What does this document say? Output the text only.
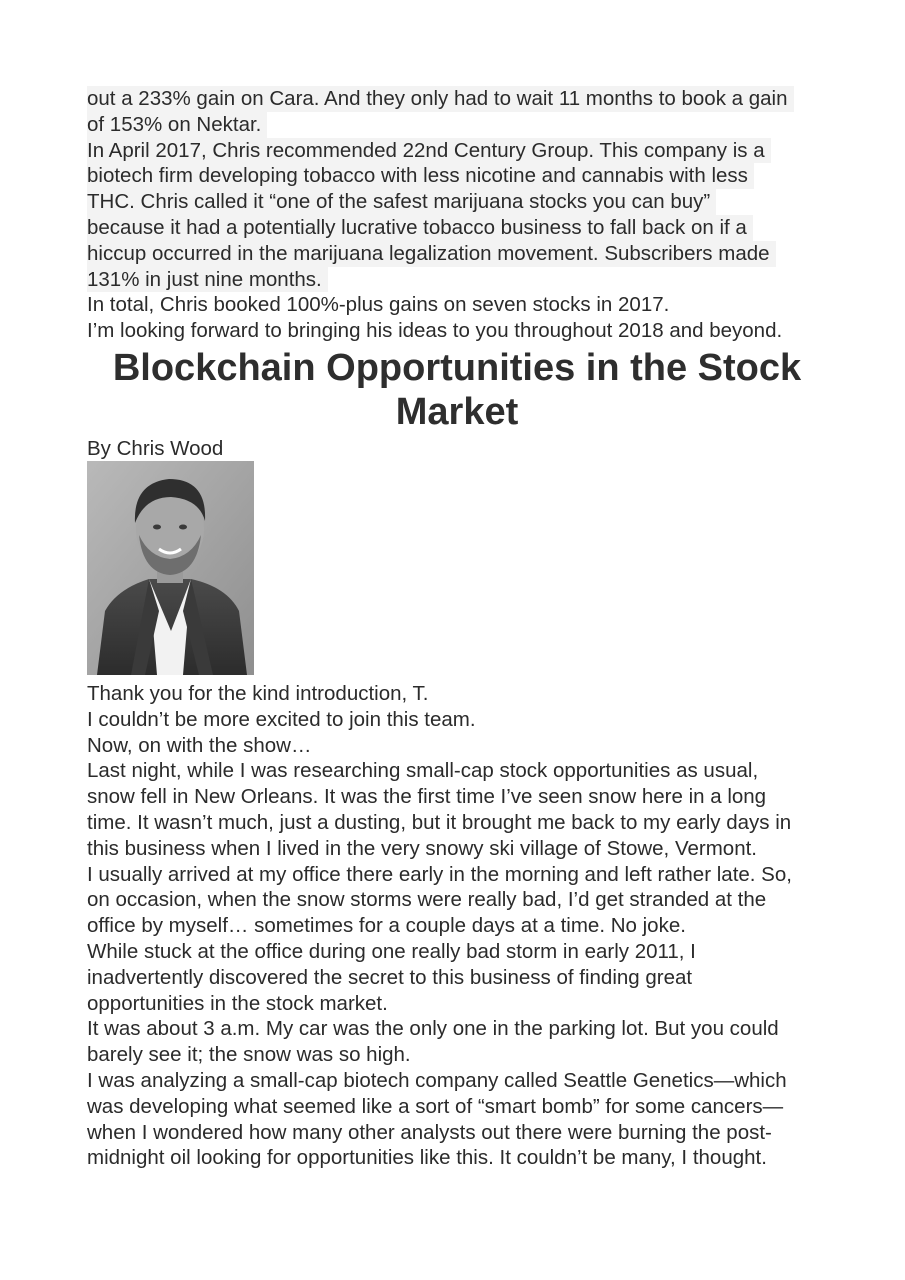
out a 233% gain on Cara. And they only had to wait 11 months to book a gain
of 153% on Nektar.
In April 2017, Chris recommended 22nd Century Group. This company is a
biotech firm developing tobacco with less nicotine and cannabis with less
THC. Chris called it “one of the safest marijuana stocks you can buy”
because it had a potentially lucrative tobacco business to fall back on if a
hiccup occurred in the marijuana legalization movement. Subscribers made
131% in just nine months.
In total, Chris booked 100%-plus gains on seven stocks in 2017.
I’m looking forward to bringing his ideas to you throughout 2018 and beyond.
Blockchain Opportunities in the Stock
Market
By Chris Wood
Thank you for the kind introduction, T.
I couldn’t be more excited to join this team.
Now, on with the show…
Last night, while I was researching small-cap stock opportunities as usual,
snow fell in New Orleans. It was the first time I’ve seen snow here in a long
time. It wasn’t much, just a dusting, but it brought me back to my early days in
this business when I lived in the very snowy ski village of Stowe, Vermont.
I usually arrived at my office there early in the morning and left rather late. So,
on occasion, when the snow storms were really bad, I’d get stranded at the
office by myself… sometimes for a couple days at a time. No joke.
While stuck at the office during one really bad storm in early 2011, I
inadvertently discovered the secret to this business of finding great
opportunities in the stock market.
It was about 3 a.m. My car was the only one in the parking lot. But you could
barely see it; the snow was so high.
I was analyzing a small-cap biotech company called Seattle Genetics—which
was developing what seemed like a sort of “smart bomb” for some cancers—
when I wondered how many other analysts out there were burning the post-
midnight oil looking for opportunities like this. It couldn’t be many, I thought.
